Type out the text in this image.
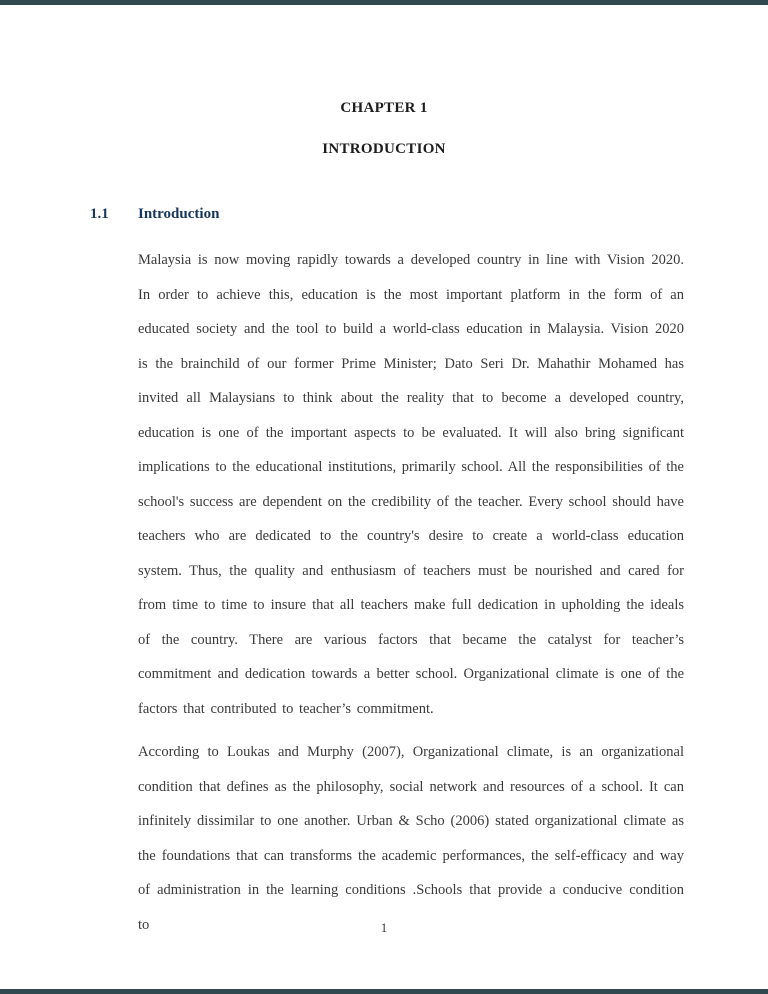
CHAPTER 1
INTRODUCTION
1.1	Introduction

Malaysia is now moving rapidly towards a developed country in line with Vision 2020. In order to achieve this, education is the most important platform in the form of an educated society and the tool to build a world-class education in Malaysia. Vision 2020 is the brainchild of our former Prime Minister; Dato Seri Dr. Mahathir Mohamed has invited all Malaysians to think about the reality that to become a developed country, education is one of the important aspects to be evaluated. It will also bring significant implications to the educational institutions, primarily school. All the responsibilities of the school's success are dependent on the credibility of the teacher. Every school should have teachers who are dedicated to the country's desire to create a world-class education system. Thus, the quality and enthusiasm of teachers must be nourished and cared for from time to time to insure that all teachers make full dedication in upholding the ideals of the country. There are various factors that became the catalyst for teacher’s commitment and dedication towards a better school. Organizational climate is one of the factors that contributed to teacher’s commitment.

According to Loukas and Murphy (2007), Organizational climate, is an organizational condition that defines as the philosophy, social network and resources of a school. It can infinitely dissimilar to one another. Urban & Scho (2006) stated organizational climate as the foundations that can transforms the academic performances, the self-efficacy and way of administration in the learning conditions .Schools that provide a conducive condition to	1
